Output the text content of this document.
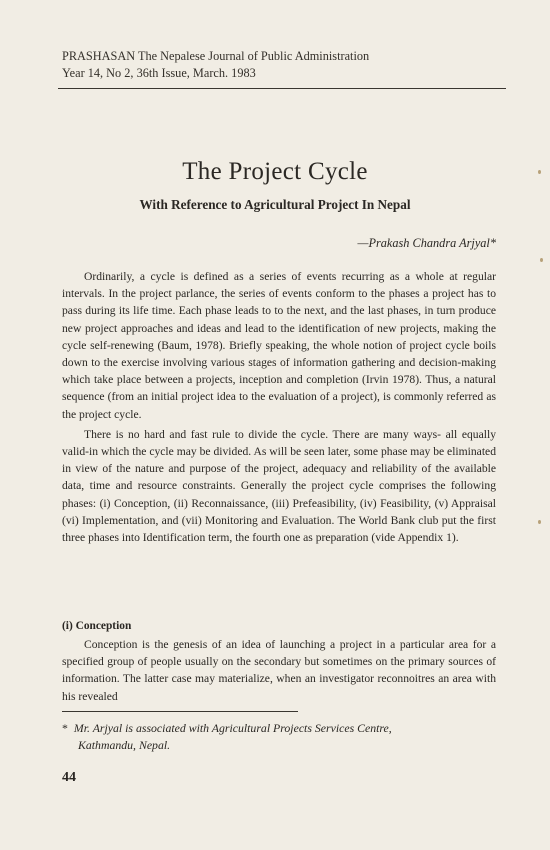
PRASHASAN The Nepalese Journal of Public Administration
Year 14, No 2, 36th Issue, March. 1983
The Project Cycle
With Reference to Agricultural Project In Nepal
—Prakash Chandra Arjyal*

Ordinarily, a cycle is defined as a series of events recurring as a whole at regular intervals. In the project parlance, the series of events conform to the phases a project has to pass during its life time. Each phase leads to to the next, and the last phases, in turn produce new project approaches and ideas and lead to the identification of new projects, making the cycle self-renewing (Baum, 1978). Briefly speaking, the whole notion of project cycle boils down to the exercise involving various stages of information gathering and decision-making which take place between a projects, inception and completion (Irvin 1978). Thus, a natural sequence (from an initial project idea to the evaluation of a project), is commonly referred as the project cycle.

There is no hard and fast rule to divide the cycle. There are many ways- all equally valid-in which the cycle may be divided. As will be seen later, some phase may be eliminated in view of the nature and purpose of the project, adequacy and reliability of the available data, time and resource constraints. Generally the project cycle comprises the following phases: (i) Conception, (ii) Reconnaissance, (iii) Prefeasibility, (iv) Feasibility, (v) Appraisal (vi) Implementation, and (vii) Monitoring and Evaluation. The World Bank club put the first three phases into Identification term, the fourth one as preparation (vide Appendix 1).

(i) Conception

Conception is the genesis of an idea of launching a project in a particular area for a specified group of people usually on the secondary but sometimes on the primary sources of information. The latter case may materialize, when an investigator reconnoitres an area with his revealed

* Mr. Arjyal is associated with Agricultural Projects Services Centre,
Kathmandu, Nepal.
44
